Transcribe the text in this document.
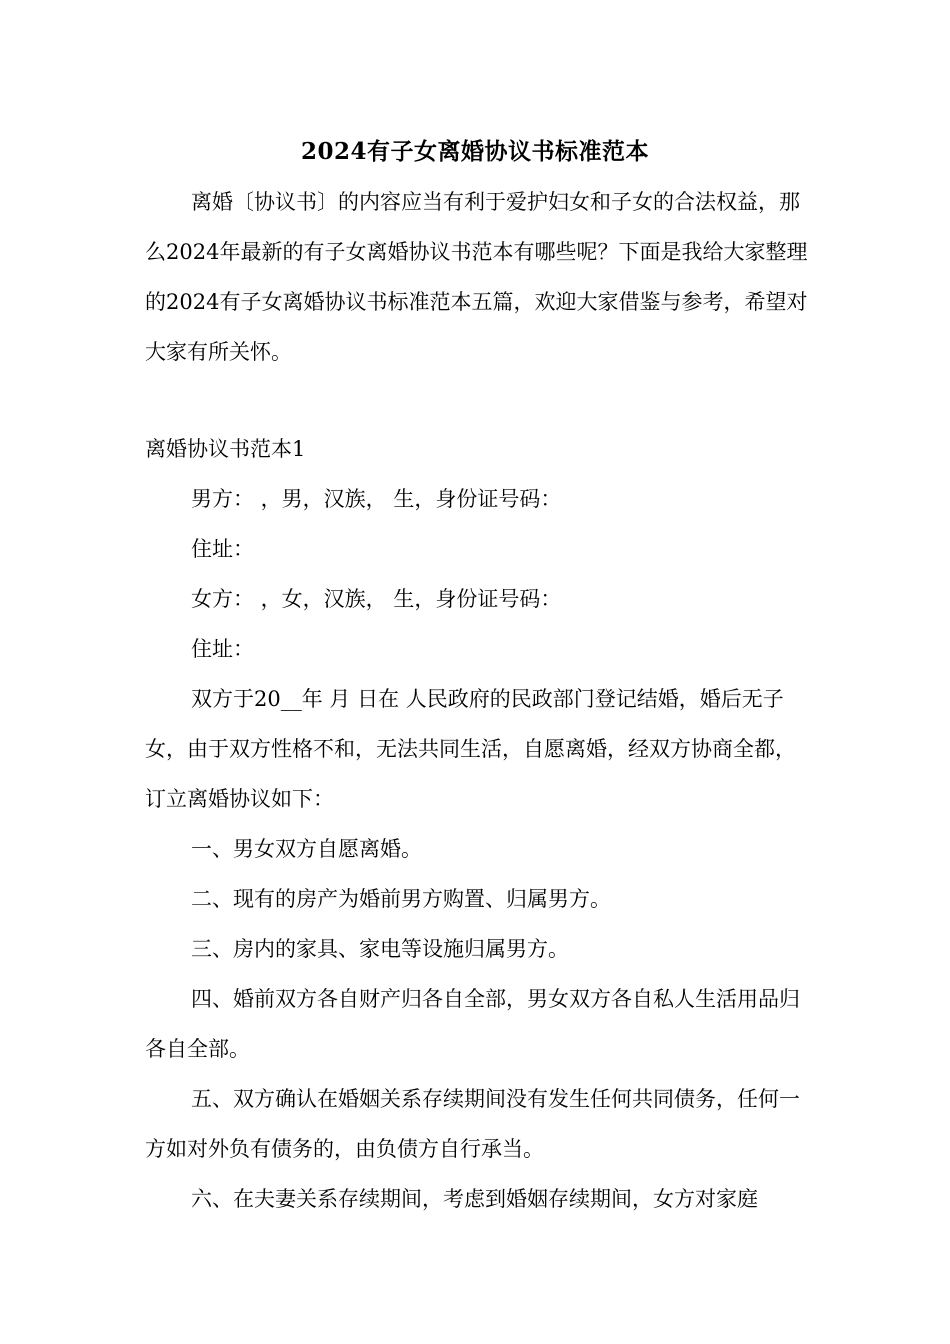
2024有子女离婚协议书标准范本

离婚〔协议书〕的内容应当有利于爱护妇女和子女的合法权益，那么2024年最新的有子女离婚协议书范本有哪些呢？下面是我给大家整理的2024有子女离婚协议书标准范本五篇，欢迎大家借鉴与参考，希望对大家有所关怀。

离婚协议书范本1

男方： ，男，汉族， 生，身份证号码：

住址：

女方： ，女，汉族， 生，身份证号码：

住址：

双方于20__年 月 日在 人民政府的民政部门登记结婚，婚后无子女，由于双方性格不和，无法共同生活，自愿离婚，经双方协商全都，订立离婚协议如下：

一、男女双方自愿离婚。

二、现有的房产为婚前男方购置、归属男方。

三、房内的家具、家电等设施归属男方。

四、婚前双方各自财产归各自全部，男女双方各自私人生活用品归各自全部。

五、双方确认在婚姻关系存续期间没有发生任何共同债务，任何一方如对外负有债务的，由负债方自行承当。

六、在夫妻关系存续期间，考虑到婚姻存续期间，女方对家庭
